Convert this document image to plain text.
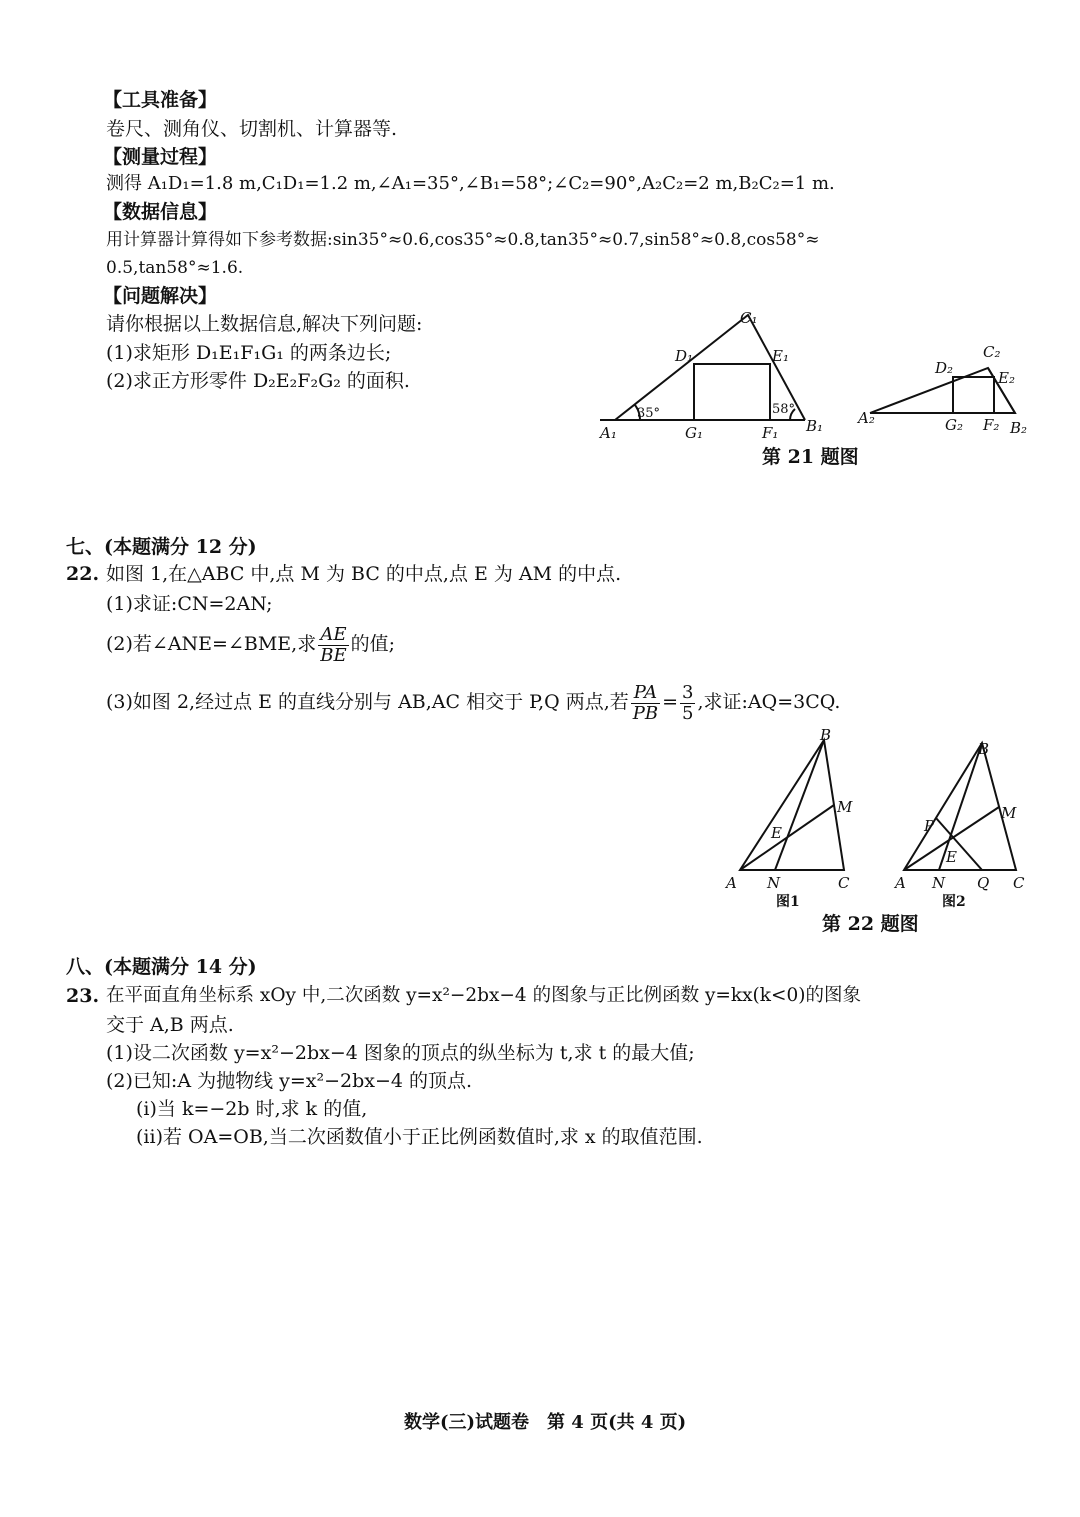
【工具准备】
卷尺、测角仪、切割机、计算器等.
【测量过程】
测得 A₁D₁=1.8 m,C₁D₁=1.2 m,∠A₁=35°,∠B₁=58°;∠C₂=90°,A₂C₂=2 m,B₂C₂=1 m.
【数据信息】
用计算器计算得如下参考数据:sin35°≈0.6,cos35°≈0.8,tan35°≈0.7,sin58°≈0.8,cos58°≈
0.5,tan58°≈1.6.
【问题解决】
请你根据以上数据信息,解决下列问题:
(1)求矩形 D₁E₁F₁G₁ 的两条边长;
(2)求正方形零件 D₂E₂F₂G₂ 的面积.
C₁
D₁	E₁
A₁	G₁	F₁ B₁
C₂
D₂
E₂
A₂	G₂ F₂ B₂
35°	58°
第 21 题图
七、(本题满分 12 分)
22. 如图 1,在△ABC 中,点 M 为 BC 的中点,点 E 为 AM 的中点.
(1)求证:CN=2AN;
(2)若∠ANE=∠BME,求 $\frac{AE}{BE}$ 的值;
(3)如图 2,经过点 E 的直线分别与 AB,AC 相交于 P,Q 两点,若 $\frac{PA}{PB} = \frac{3}{5}$ ,求证:AQ=3CQ.
B
M
E
A N	C
B
M
P
E
A N Q C
图1	图2
第 22 题图
八、(本题满分 14 分)
23. 在平面直角坐标系 xOy 中,二次函数 y=x²−2bx−4 的图象与正比例函数 y=kx(k<0)的图象
交于 A,B 两点.
(1)设二次函数 y=x²−2bx−4 图象的顶点的纵坐标为 t,求 t 的最大值;
(2)已知:A 为抛物线 y=x²−2bx−4 的顶点.
(i)当 k=−2b 时,求 k 的值,
(ii)若 OA=OB,当二次函数值小于正比例函数值时,求 x 的取值范围.
数学(三)试题卷　第 4 页(共 4 页)
